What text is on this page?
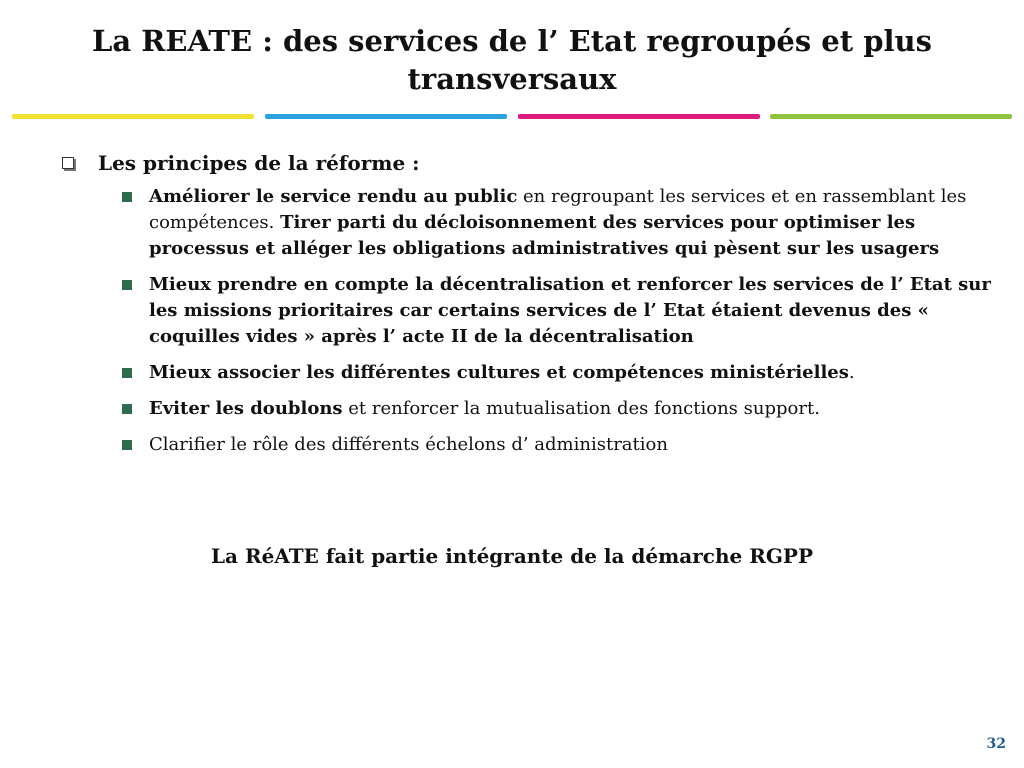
La REATE : des services de l’ Etat regroupés et plus
transversaux
Les principes de la réforme :
Améliorer le service rendu au public en regroupant les services et en rassemblant les compétences. Tirer parti du décloisonnement des services pour optimiser les processus et alléger les obligations administratives qui pèsent sur les usagers
Mieux prendre en compte la décentralisation et renforcer les services de l’ Etat sur les missions prioritaires car certains services de l’ Etat étaient devenus des « coquilles vides » après l’ acte II de la décentralisation
Mieux associer les différentes cultures et compétences ministérielles.
Eviter les doublons et renforcer la mutualisation des fonctions support.
Clarifier le rôle des différents échelons d’ administration
La RéATE fait partie intégrante de la démarche RGPP
32
